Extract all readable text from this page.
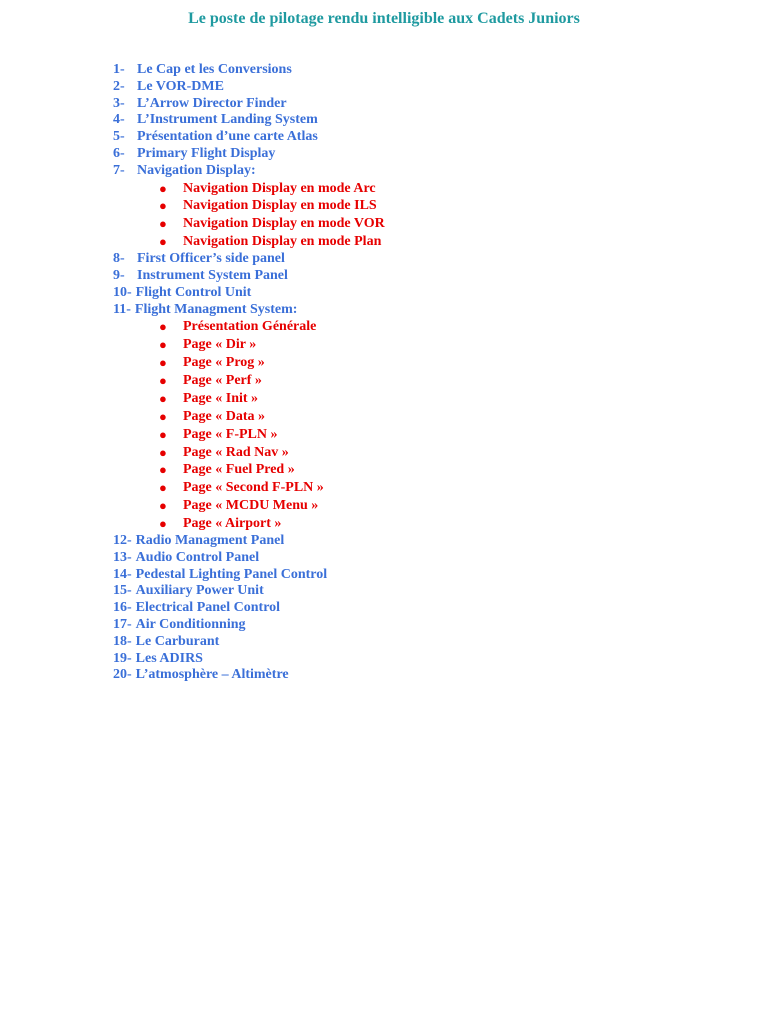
Le poste de pilotage rendu intelligible aux Cadets Juniors
1- Le Cap et les Conversions
2- Le VOR-DME
3- L’Arrow Director Finder
4- L’Instrument Landing System
5- Présentation d’une carte Atlas
6- Primary Flight Display
7- Navigation Display:
●	Navigation Display en mode Arc
●	Navigation Display en mode ILS
●	Navigation Display en mode VOR
●	Navigation Display en mode Plan
8- First Officer’s side panel
9- Instrument System Panel
10- Flight Control Unit
11- Flight Managment System:
●	Présentation Générale
●	Page « Dir »
●	Page « Prog »
●	Page « Perf »
●	Page « Init »
●	Page « Data »
●	Page « F-PLN »
●	Page « Rad Nav »
●	Page « Fuel Pred »
●	Page « Second F-PLN »
●	Page « MCDU Menu »
●	Page « Airport »
12- Radio Managment Panel
13- Audio Control Panel
14- Pedestal Lighting Panel Control
15- Auxiliary Power Unit
16- Electrical Panel Control
17- Air Conditionning
18- Le Carburant
19- Les ADIRS
20- L’atmosphère – Altimètre
